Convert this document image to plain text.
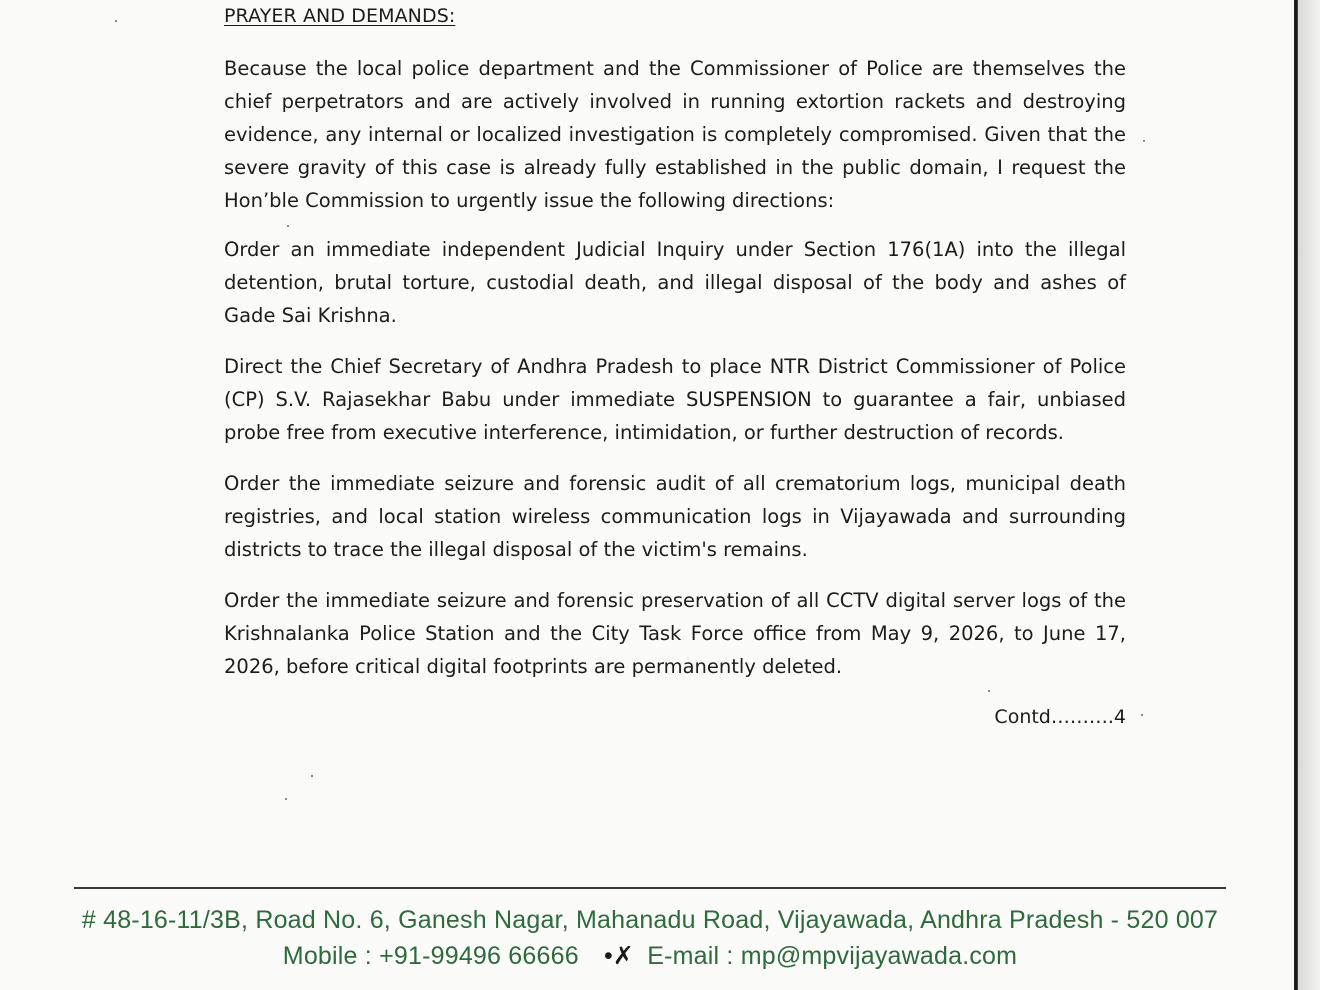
PRAYER AND DEMANDS:

Because the local police department and the Commissioner of Police are themselves the chief perpetrators and are actively involved in running extortion rackets and destroying evidence, any internal or localized investigation is completely compromised. Given that the severe gravity of this case is already fully established in the public domain, I request the Hon’ble Commission to urgently issue the following directions:

Order an immediate independent Judicial Inquiry under Section 176(1A) into the illegal detention, brutal torture, custodial death, and illegal disposal of the body and ashes of Gade Sai Krishna.

Direct the Chief Secretary of Andhra Pradesh to place NTR District Commissioner of Police (CP) S.V. Rajasekhar Babu under immediate SUSPENSION to guarantee a fair, unbiased probe free from executive interference, intimidation, or further destruction of records.

Order the immediate seizure and forensic audit of all crematorium logs, municipal death registries, and local station wireless communication logs in Vijayawada and surrounding districts to trace the illegal disposal of the victim's remains.

Order the immediate seizure and forensic preservation of all CCTV digital server logs of the Krishnalanka Police Station and the City Task Force office from May 9, 2026, to June 17, 2026, before critical digital footprints are permanently deleted.

Contd……….4
# 48-16-11/3B, Road No. 6, Ganesh Nagar, Mahanadu Road, Vijayawada, Andhra Pradesh - 520 007
Mobile : +91-99496 66666 •✗ E-mail : mp@mpvijayawada.com
